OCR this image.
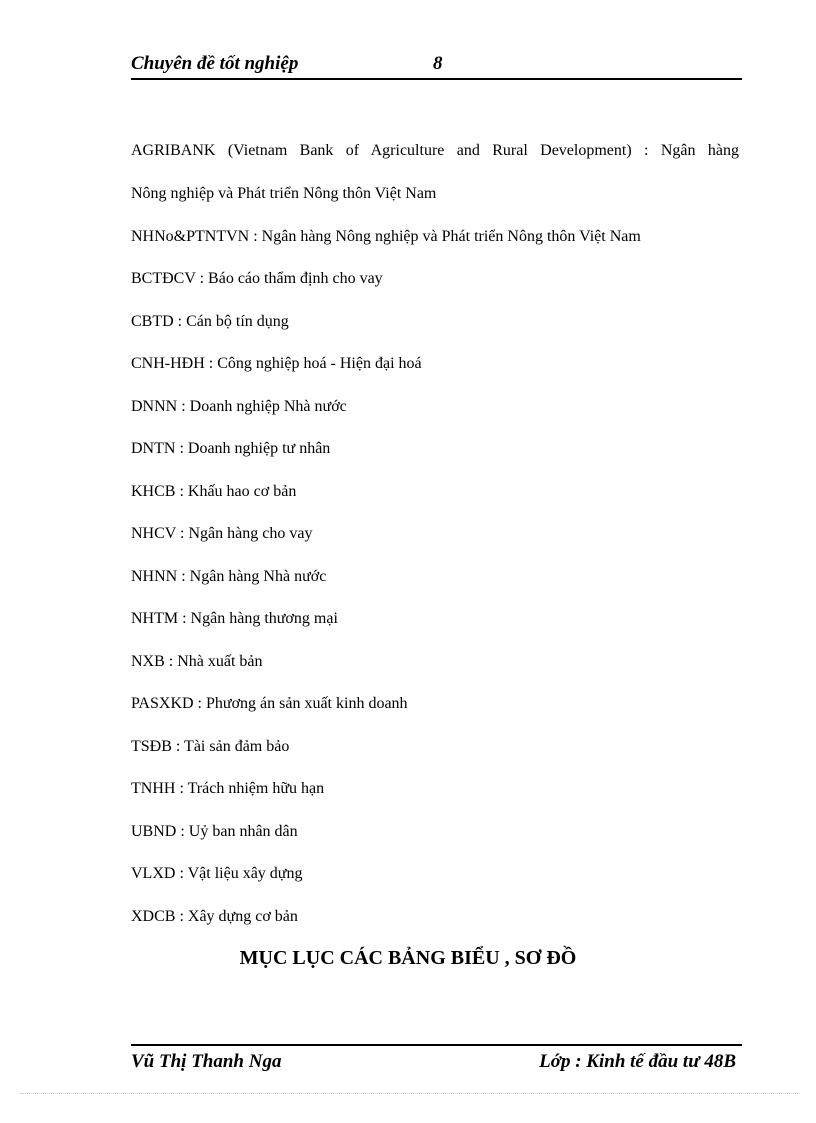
Chuyên đề tốt nghiệp	8
AGRIBANK (Vietnam Bank of Agriculture and Rural Development) : Ngân hàng
Nông nghiệp và Phát triển Nông thôn Việt Nam
NHNo&PTNTVN : Ngân hàng Nông nghiệp và Phát triển Nông thôn Việt Nam
BCTĐCV : Báo cáo thẩm định cho vay
CBTD : Cán bộ tín dụng
CNH-HĐH : Công nghiệp hoá - Hiện đại hoá
DNNN : Doanh nghiệp Nhà nước
DNTN : Doanh nghiệp tư nhân
KHCB : Khấu hao cơ bản
NHCV : Ngân hàng cho vay
NHNN : Ngân hàng Nhà nước
NHTM : Ngân hàng thương mại
NXB : Nhà xuất bản
PASXKD : Phương án sản xuất kinh doanh
TSĐB : Tài sản đảm bảo
TNHH : Trách nhiệm hữu hạn
UBND : Uỷ ban nhân dân
VLXD : Vật liệu xây dựng
XDCB : Xây dựng cơ bản
MỤC LỤC CÁC BẢNG BIỂU , SƠ ĐỒ
Vũ Thị Thanh Nga	Lớp : Kinh tế đầu tư 48B
